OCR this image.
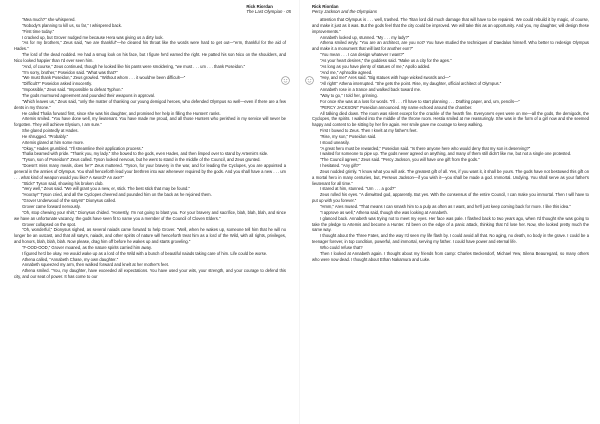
Rick Riordan
The Last Olympian - 05

"Mea much?" she whispered.

"Nobody's planning to kill us, so far," I whispered back.

"First time today."

I cracked up, but Grover nudged me because Hera was giving us a dirty look.

"As for my brothers," Zeus said, "we are thankful"—he cleared his throat like the words were hard to get out—"erm, thankful for the aid of Hades."

The lord of the dead nodded. He had a smug look on his face, but I figure he'd earned the right. He patted his son Nico on the shoulders, and Nico looked happier than I'd ever seen him.

"And, of course," Zeus continued, though he looked like his pants were smoldering, "we must . . . um . . . thank Poseidon."

"I'm sorry, brother," Poseidon said. "What was that?"

"We must thank Poseidon," Zeus growled. "Without whom . . . it would've been difficult—"

"Difficult?" Poseidon asked innocently.

"Impossible," Zeus said. "Impossible to defeat Typhon."

The gods murmured agreement and pounded their weapons in approval.

"Which leaves us," Zeus said, "only the matter of thanking our young demigod heroes, who defended Olympus so well—even if there are a few dents in my throne."

He called Thalia forward first, since she was his daughter, and promised her help in filling the Hunters' ranks.

Artemis smiled. "You have done well, my lieutenant. You have made me proud, and all those Hunters who perished in my service will never be forgotten. They will achieve Elysium, I am sure."

She glared pointedly at Hades.

He shrugged. "Probably."

Artemis glared at him some more.

"Okay," Hades grumbled. "I'll streamline their application process."

Thalia beamed with pride. "Thank you, my lady." She bowed to the gods, even Hades, and then limped over to stand by Artemis's side.

"Tyson, son of Poseidon!" Zeus called. Tyson looked nervous, but he went to stand in the middle of the Council, and Zeus grunted.

"Doesn't miss many meals, does he?" Zeus muttered. "Tyson, for your bravery in the war, and for leading the Cyclopes, you are appointed a general in the armies of Olympus. You shall henceforth lead your brethren into war whenever required by the gods. And you shall have a new . . . um . . . what kind of weapon would you like? A sword? An axe?"

"Stick!" Tyson said, showing his broken club.

"Very well," Zeus said. "We will grant you a new, er, stick. The best stick that may be found."

"Hooray!" Tyson cried, and all the Cyclopes cheered and pounded him on the back as he rejoined them.

"Grover Underwood of the satyrs!" Dionysus called.

Grover came forward nervously.

"Oh, stop chewing your shirt," Dionysus chided. "Honestly, I'm not going to blast you. For your bravery and sacrifice, blah, blah, blah, and since we have an unfortunate vacancy, the gods have seen fit to name you a member of the Council of Cloven Elders."

Grover collapsed on the spot.

"Oh, wonderful," Dionysus sighed, as several naiads came forward to help Grover. "Well, when he wakes up, someone tell him that he will no longer be an outcast, and that all satyrs, naiads, and other spirits of nature will henceforth treat him as a lord of the Wild, with all rights, privileges, and honors, blah, blah, blah. Now please, drag him off before he wakes up and starts groveling."

"F-OOD-OOD," Grover moaned, as the nature spirits carried him away.

I figured he'd be okay. He would wake up as a lord of the Wild with a bunch of beautiful naiads taking care of him. Life could be worse.

Athena called, "Annabeth Chase, my own daughter."

Annabeth squeezed my arm, then walked forward and knelt at her mother's feet.

Athena smiled. "You, my daughter, have exceeded all expectations. You have used your wits, your strength, and your courage to defend this city, and our seat of power. It has come to our

Rick Riordan
Percy Jackson and the Olympians

attention that Olympus is . . . well, trashed. The Titan lord did much damage that will have to be repaired. We could rebuild it by magic, of course, and make it just as it was. But the gods feel that the city could be improved. We will take this as an opportunity. And you, my daughter, will design these improvements."

Annabeth looked up, stunned. "My . . . my lady?"

Athena smiled wryly. "You are an architect, are you not? You have studied the techniques of Daedalus himself. Who better to redesign Olympus and make it a monument that will last for another eon?"

"You mean . . . I can design whatever I want?"

"As your heart desires," the goddess said. "Make us a city for the ages."

"As long as you have plenty of statues of me," Apollo added.

"And me," Aphrodite agreed.

"Hey, and me!" Ares said. "Big statues with huge wicked swords and—"

"All right!" Athena interrupted. "She gets the point. Rise, my daughter, official architect of Olympus."

Annabeth rose in a trance and walked back toward me.

"Way to go," I told her, grinning.

For once she was at a loss for words. "I'll . . . I'll have to start planning . . . Drafting paper, and, um, pencils—"

"PERCY JACKSON!" Poseidon announced. My name echoed around the chamber.

All talking died down. The room was silent except for the crackle of the hearth fire. Everyone's eyes were on me—all the gods, the demigods, the Cyclopes, the spirits. I walked into the middle of the throne room. Hestia smiled at me reassuringly. She was in the form of a girl now and she seemed happy and content to be sitting by her fire again. Her smile gave me courage to keep walking.

First I bowed to Zeus. Then I knelt at my father's feet.

"Rise, my son," Poseidon said.

I stood uneasily.

"A great hero must be rewarded," Poseidon said. "Is there anyone here who would deny that my son is deserving?"

I waited for someone to pipe up. The gods never agreed on anything, and many of them still didn't like me, but not a single one protested.

"The Council agrees," Zeus said. "Percy Jackson, you will have one gift from the gods."

I hesitated. "Any gift?"

Zeus nodded grimly. "I know what you will ask. The greatest gift of all. Yes, if you want it, it shall be yours. The gods have not bestowed this gift on a mortal hero in many centuries, but, Perseus Jackson—if you wish it—you shall be made a god. Immortal. Undying. You shall serve as your father's lieutenant for all time."

I stared at him, stunned. "Um . . . a god?"

Zeus rolled his eyes. "A dimwitted god, apparently. But yes. With the consensus of the entire Council, I can make you immortal. Then I will have to put up with you forever."

"Hmm," Ares mused. "That means I can smash him to a pulp as often as I want, and he'll just keep coming back for more. I like this idea."

"I approve as well," Athena said, though she was looking at Annabeth.

I glanced back. Annabeth was trying not to meet my eyes. Her face was pale. I flashed back to two years ago, when I'd thought she was going to take the pledge to Artemis and become a Hunter. I'd been on the edge of a panic attack, thinking that I'd lose her. Now, she looked pretty much the same way.

I thought about the Three Fates, and the way I'd seen my life flash by. I could avoid all that. No aging, no death, no body in the grave. I could be a teenager forever, in top condition, powerful, and immortal, serving my father. I could have power and eternal life.

Who could refuse that?

Then I looked at Annabeth again. I thought about my friends from camp: Charles Beckendorf, Michael Yew, Silena Beauregard, so many others who were now dead. I thought about Ethan Nakamura and Luke.
